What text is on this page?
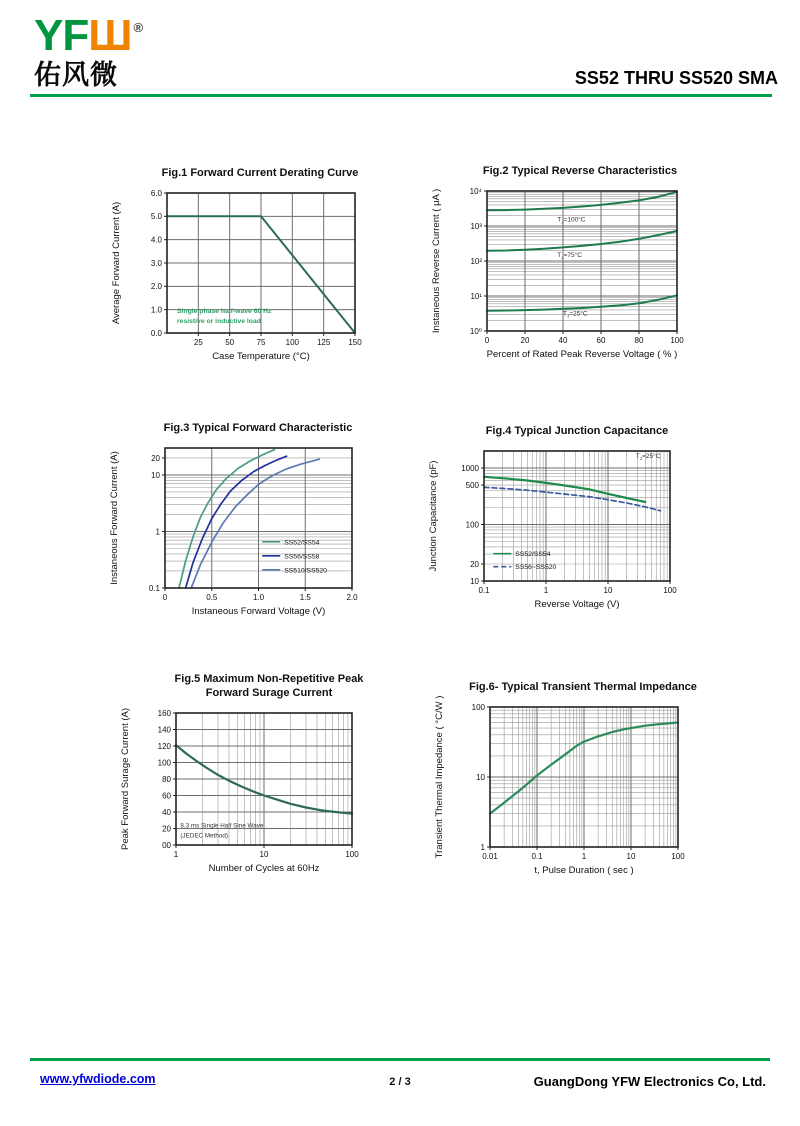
YFШ ®
佑风微	SS52 THRU SS520 SMA
Fig.1 Forward Current Derating Curve
25	50	75	100 125 150
0.0
1.0
2.0
3.0
4.0
5.0
6.0
Case Temperature (°C)
Average Forward Current (A)	Single phase half-wave 60 Hz
resistive or inductive load
Fig.2 Typical Reverse Characteristics
0	20	40	60	80	100
10⁰
10¹
10²
10³
10⁴
Percent of Rated Peak Reverse Voltage ( % )
Instaneous Reverse Current ( μA )	$T_J=100^\circ C$
$T_J=75^\circ C$
$T_J=25^\circ C$
Fig.3 Typical Forward Characteristic
0	0.5	1.0	1.5	2.0
0.1
1
10
20
Instaneous Forward Voltage (V)
Instaneous Forward Current (A)	SS52/SS54
SS56/SS58
SS510/SS520
Fig.4 Typical Junction Capacitance
0.1	1	10	100
10
20
100
500
1000
Reverse Voltage (V)
Junction Capacitance (pF)
$T_J=25^\circ C$
SS52/SS54
SS56~SS520
Fig.5 Maximum Non-Repetitive Peak
Forward Surage Current
1	10	100
00
20
40
60
80
100
120
140
160
Number of Cycles at 60Hz
Peak Forward Surage Current (A)	8.3 ms Single Half Sine Wave
(JEDEC Method)
Fig.6- Typical Transient Thermal Impedance
0.01	0.1	1	10	100
1
10
100
t, Pulse Duration ( sec )
Transient Thermal Impedance ( °C/W )
www.yfwdiode.com	2 / 3	GuangDong YFW Electronics Co, Ltd.
